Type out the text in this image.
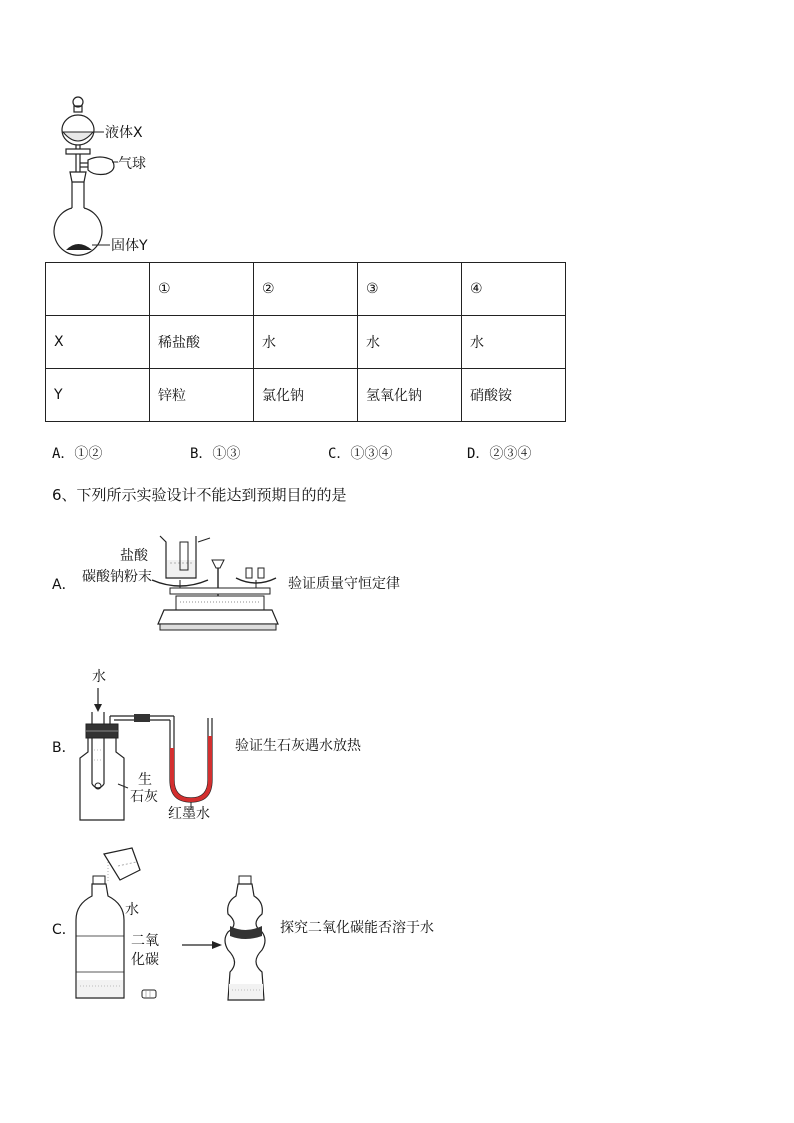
液体X
气球
固体Y
	①	②	③	④
X	稀盐酸	水	水	水
Y	锌粒	氯化钠	氢氧化钠	硝酸铵
A．①②	B．①③	C．①③④	D．②③④
6、下列所示实验设计不能达到预期目的的是
A．
盐酸
碳酸钠粉末	验证质量守恒定律
B．
水
生
石灰
红墨水
验证生石灰遇水放热
C．
水
二氧
化碳
探究二氧化碳能否溶于水
